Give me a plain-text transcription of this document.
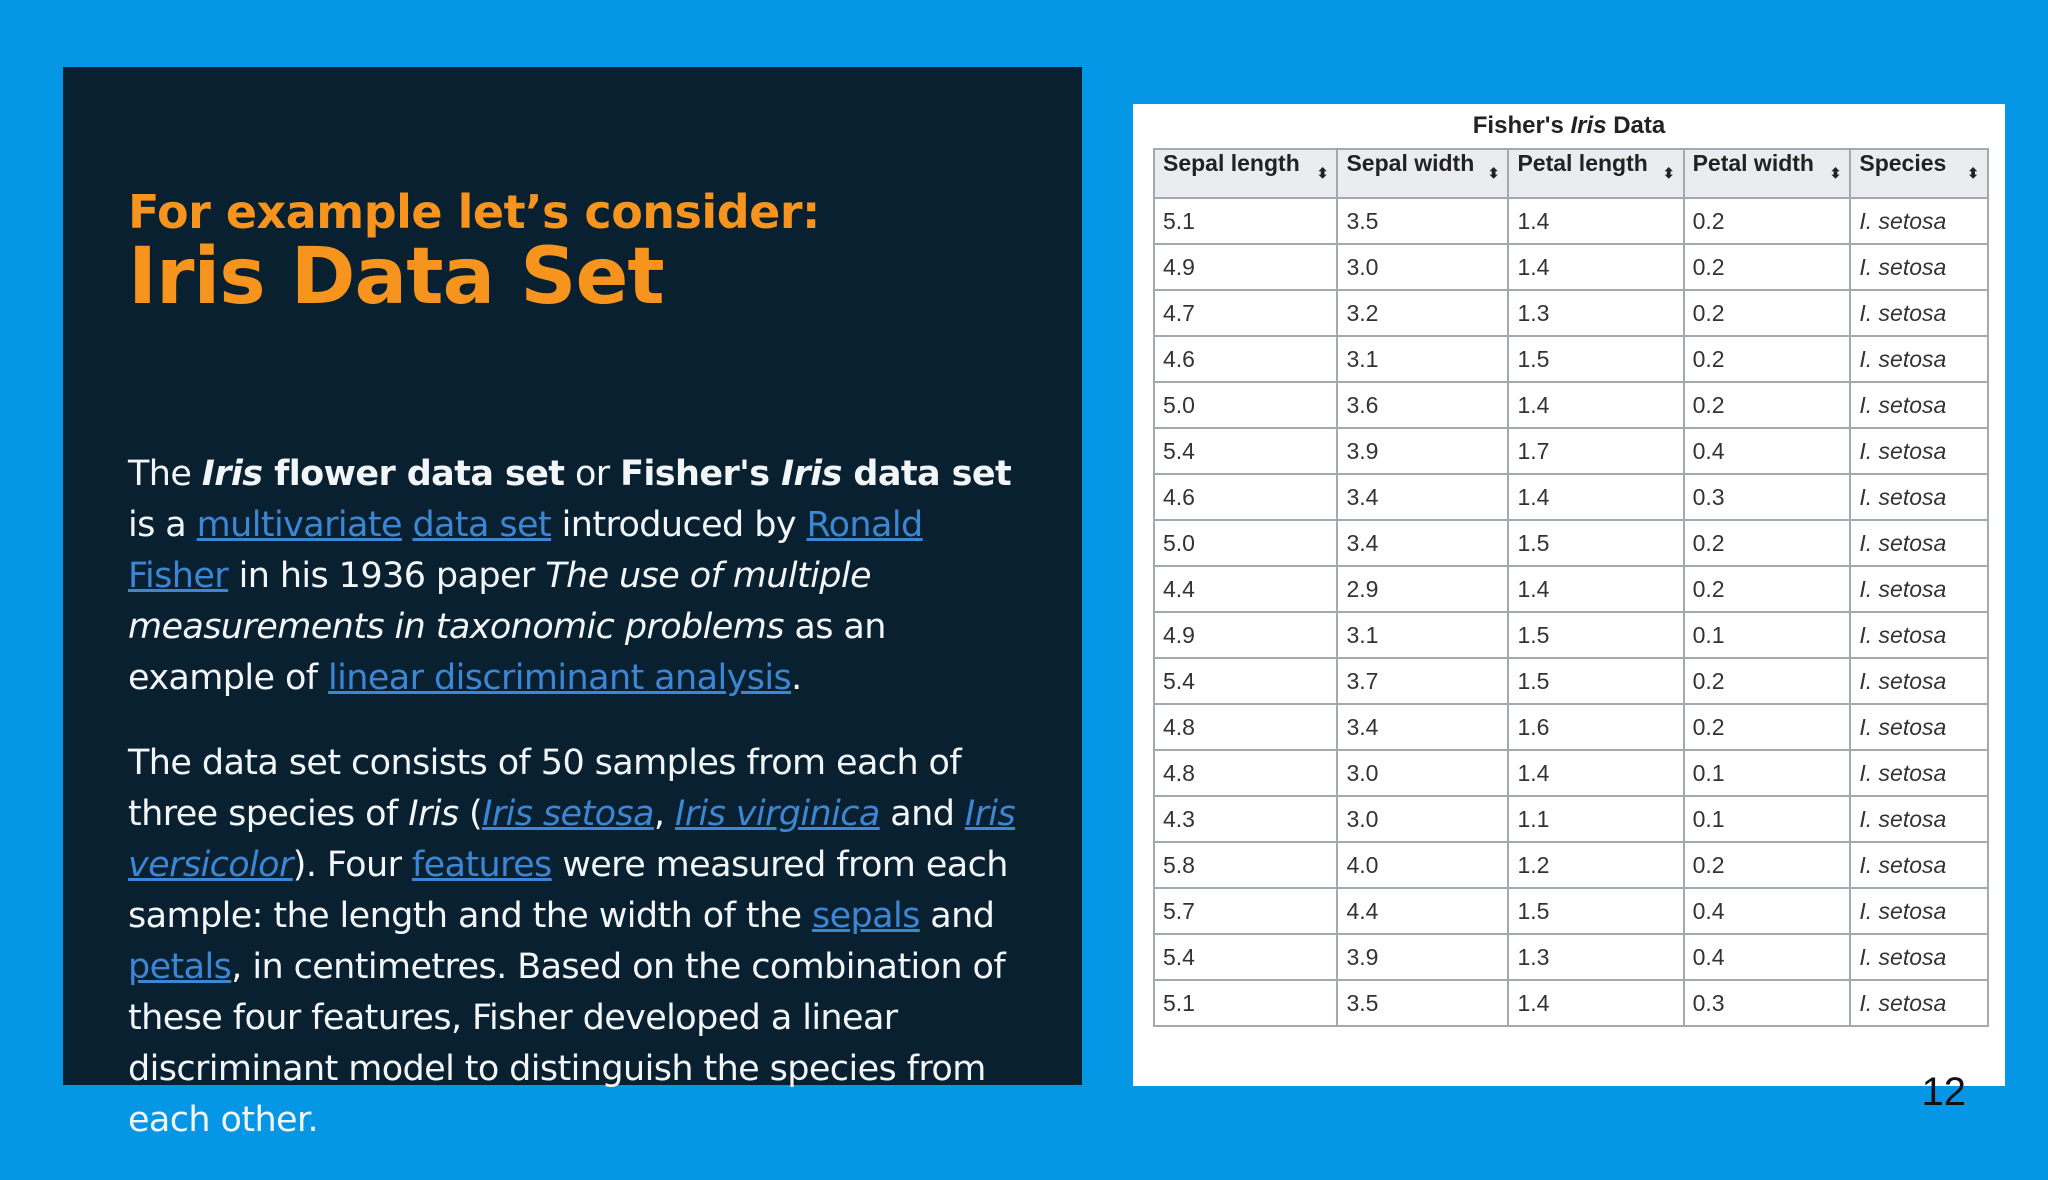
For example let’s consider:
Iris Data Set

The Iris flower data set or Fisher's Iris data set is a multivariate data set introduced by Ronald Fisher in his 1936 paper The use of multiple measurements in taxonomic problems as an example of linear discriminant analysis.

The data set consists of 50 samples from each of three species of Iris (Iris setosa, Iris virginica and Iris versicolor). Four features were measured from each sample: the length and the width of the sepals and petals, in centimetres. Based on the combination of these four features, Fisher developed a linear discriminant model to distinguish the species from each other.

Fisher's Iris Data
Sepal length ⬍	Sepal width ⬍	Petal length ⬍	Petal width ⬍	Species ⬍

5.1	3.5	1.4	0.2	I. setosa
4.9	3.0	1.4	0.2	I. setosa
4.7	3.2	1.3	0.2	I. setosa
4.6	3.1	1.5	0.2	I. setosa
5.0	3.6	1.4	0.2	I. setosa
5.4	3.9	1.7	0.4	I. setosa
4.6	3.4	1.4	0.3	I. setosa
5.0	3.4	1.5	0.2	I. setosa
4.4	2.9	1.4	0.2	I. setosa
4.9	3.1	1.5	0.1	I. setosa
5.4	3.7	1.5	0.2	I. setosa
4.8	3.4	1.6	0.2	I. setosa
4.8	3.0	1.4	0.1	I. setosa
4.3	3.0	1.1	0.1	I. setosa
5.8	4.0	1.2	0.2	I. setosa
5.7	4.4	1.5	0.4	I. setosa
5.4	3.9	1.3	0.4	I. setosa
5.1	3.5	1.4	0.3	I. setosa
12
